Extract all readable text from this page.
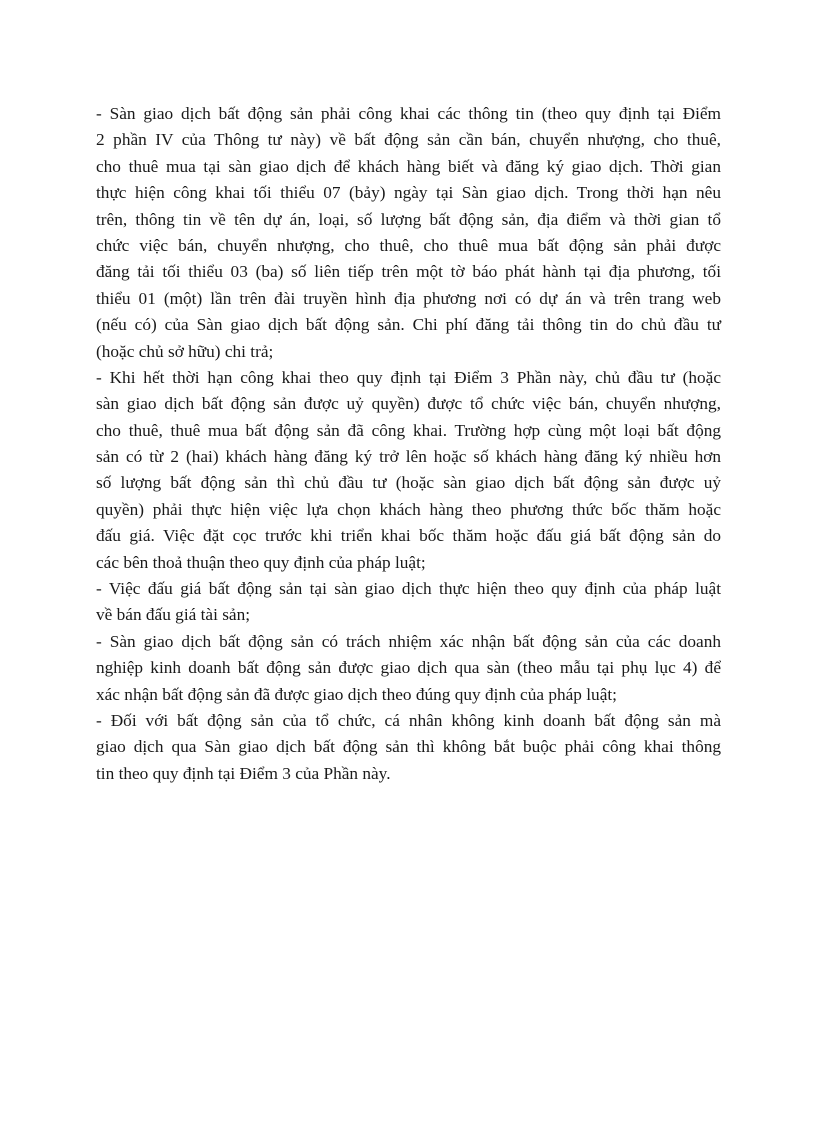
- Sàn giao dịch bất động sản phải công khai các thông tin (theo quy định tại Điểm
2 phần IV của Thông tư này) về bất động sản cần bán, chuyển nhượng, cho thuê,
cho thuê mua tại sàn giao dịch để khách hàng biết và đăng ký giao dịch. Thời gian
thực hiện công khai tối thiểu 07 (bảy) ngày tại Sàn giao dịch. Trong thời hạn nêu
trên, thông tin về tên dự án, loại, số lượng bất động sản, địa điểm và thời gian tổ
chức việc bán, chuyển nhượng, cho thuê, cho thuê mua bất động sản phải được
đăng tải tối thiểu 03 (ba) số liên tiếp trên một tờ báo phát hành tại địa phương, tối
thiểu 01 (một) lần trên đài truyền hình địa phương nơi có dự án và trên trang web
(nếu có) của Sàn giao dịch bất động sản. Chi phí đăng tải thông tin do chủ đầu tư
(hoặc chủ sở hữu) chi trả;
- Khi hết thời hạn công khai theo quy định tại Điểm 3 Phần này, chủ đầu tư (hoặc
sàn giao dịch bất động sản được uỷ quyền) được tổ chức việc bán, chuyển nhượng,
cho thuê, thuê mua bất động sản đã công khai. Trường hợp cùng một loại bất động
sản có từ 2 (hai) khách hàng đăng ký trở lên hoặc số khách hàng đăng ký nhiều hơn
số lượng bất động sản thì chủ đầu tư (hoặc sàn giao dịch bất động sản được uỷ
quyền) phải thực hiện việc lựa chọn khách hàng theo phương thức bốc thăm hoặc
đấu giá. Việc đặt cọc trước khi triển khai bốc thăm hoặc đấu giá bất động sản do
các bên thoả thuận theo quy định của pháp luật;
- Việc đấu giá bất động sản tại sàn giao dịch thực hiện theo quy định của pháp luật
về bán đấu giá tài sản;
- Sàn giao dịch bất động sản có trách nhiệm xác nhận bất động sản của các doanh
nghiệp kinh doanh bất động sản được giao dịch qua sàn (theo mẫu tại phụ lục 4) để
xác nhận bất động sản đã được giao dịch theo đúng quy định của pháp luật;
- Đối với bất động sản của tổ chức, cá nhân không kinh doanh bất động sản mà
giao dịch qua Sàn giao dịch bất động sản thì không bắt buộc phải công khai thông
tin theo quy định tại Điểm 3 của Phần này.
